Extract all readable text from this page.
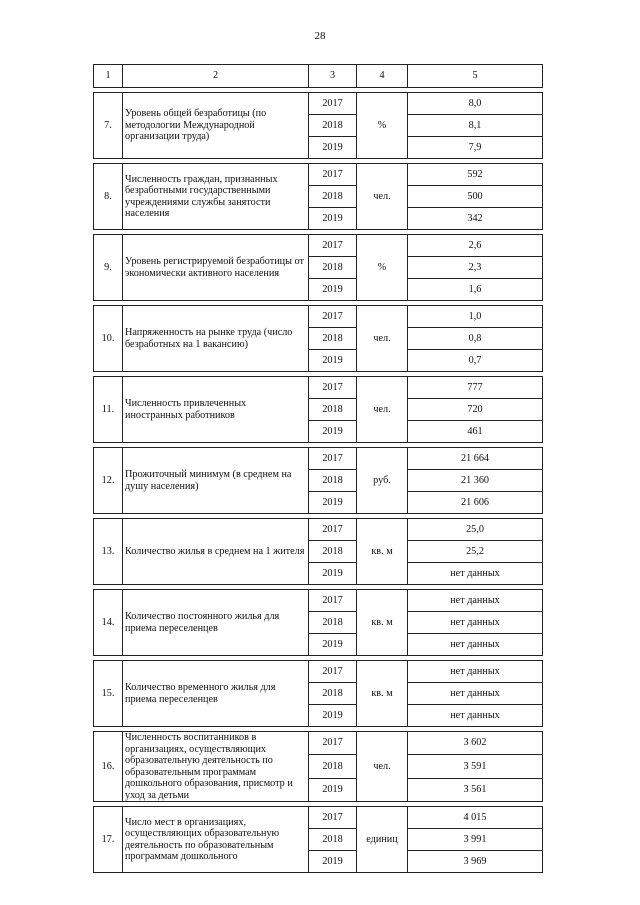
28
1	2	3	4	5

7.	Уровень общей безработицы (по методологии Международной организации труда)	2017	%	8,0
		2018		8,1
		2019		7,9

8.	Численность граждан, признанных безработными государственными учреждениями службы занятости населения	2017	чел.	592
		2018		500
		2019		342

9.	Уровень регистрируемой безработицы от экономически активного населения	2017	%	2,6
		2018		2,3
		2019		1,6

10.	Напряженность на рынке труда (число безработных на 1 вакансию)	2017	чел.	1,0
		2018		0,8
		2019		0,7

11.	Численность привлеченных иностранных работников	2017	чел.	777
		2018		720
		2019		461

12.	Прожиточный минимум (в среднем на душу населения)	2017	руб.	21 664
		2018		21 360
		2019		21 606

13.	Количество жилья в среднем на 1 жителя	2017	кв. м	25,0
		2018		25,2
		2019		нет данных

14.	Количество постоянного жилья для приема переселенцев	2017	кв. м	нет данных
		2018		нет данных
		2019		нет данных

15.	Количество временного жилья для приема переселенцев	2017	кв. м	нет данных
		2018		нет данных
		2019		нет данных

16.	Численность воспитанников в организациях, осуществляющих образовательную деятельность по образовательным программам дошкольного образования, присмотр и уход за детьми	2017	чел.	3 602
		2018		3 591
		2019		3 561

17.	Число мест в организациях, осуществляющих образовательную деятельность по образовательным программам дошкольного	2017	единиц	4 015
		2018		3 991
		2019		3 969
